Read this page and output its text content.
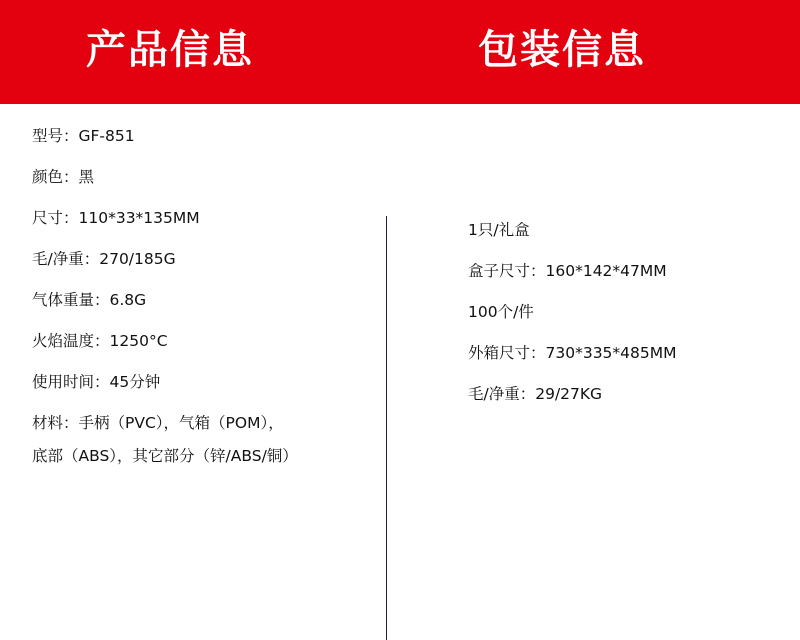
产品信息	包装信息
型号：GF-851
颜色：黑
尺寸：110*33*135MM
毛/净重：270/185G
气体重量：6.8G
火焰温度：1250°C
使用时间：45分钟
材料：手柄（PVC），气箱（POM），
底部（ABS），其它部分（锌/ABS/铜）
1只/礼盒
盒子尺寸：160*142*47MM
100个/件
外箱尺寸：730*335*485MM
毛/净重：29/27KG
